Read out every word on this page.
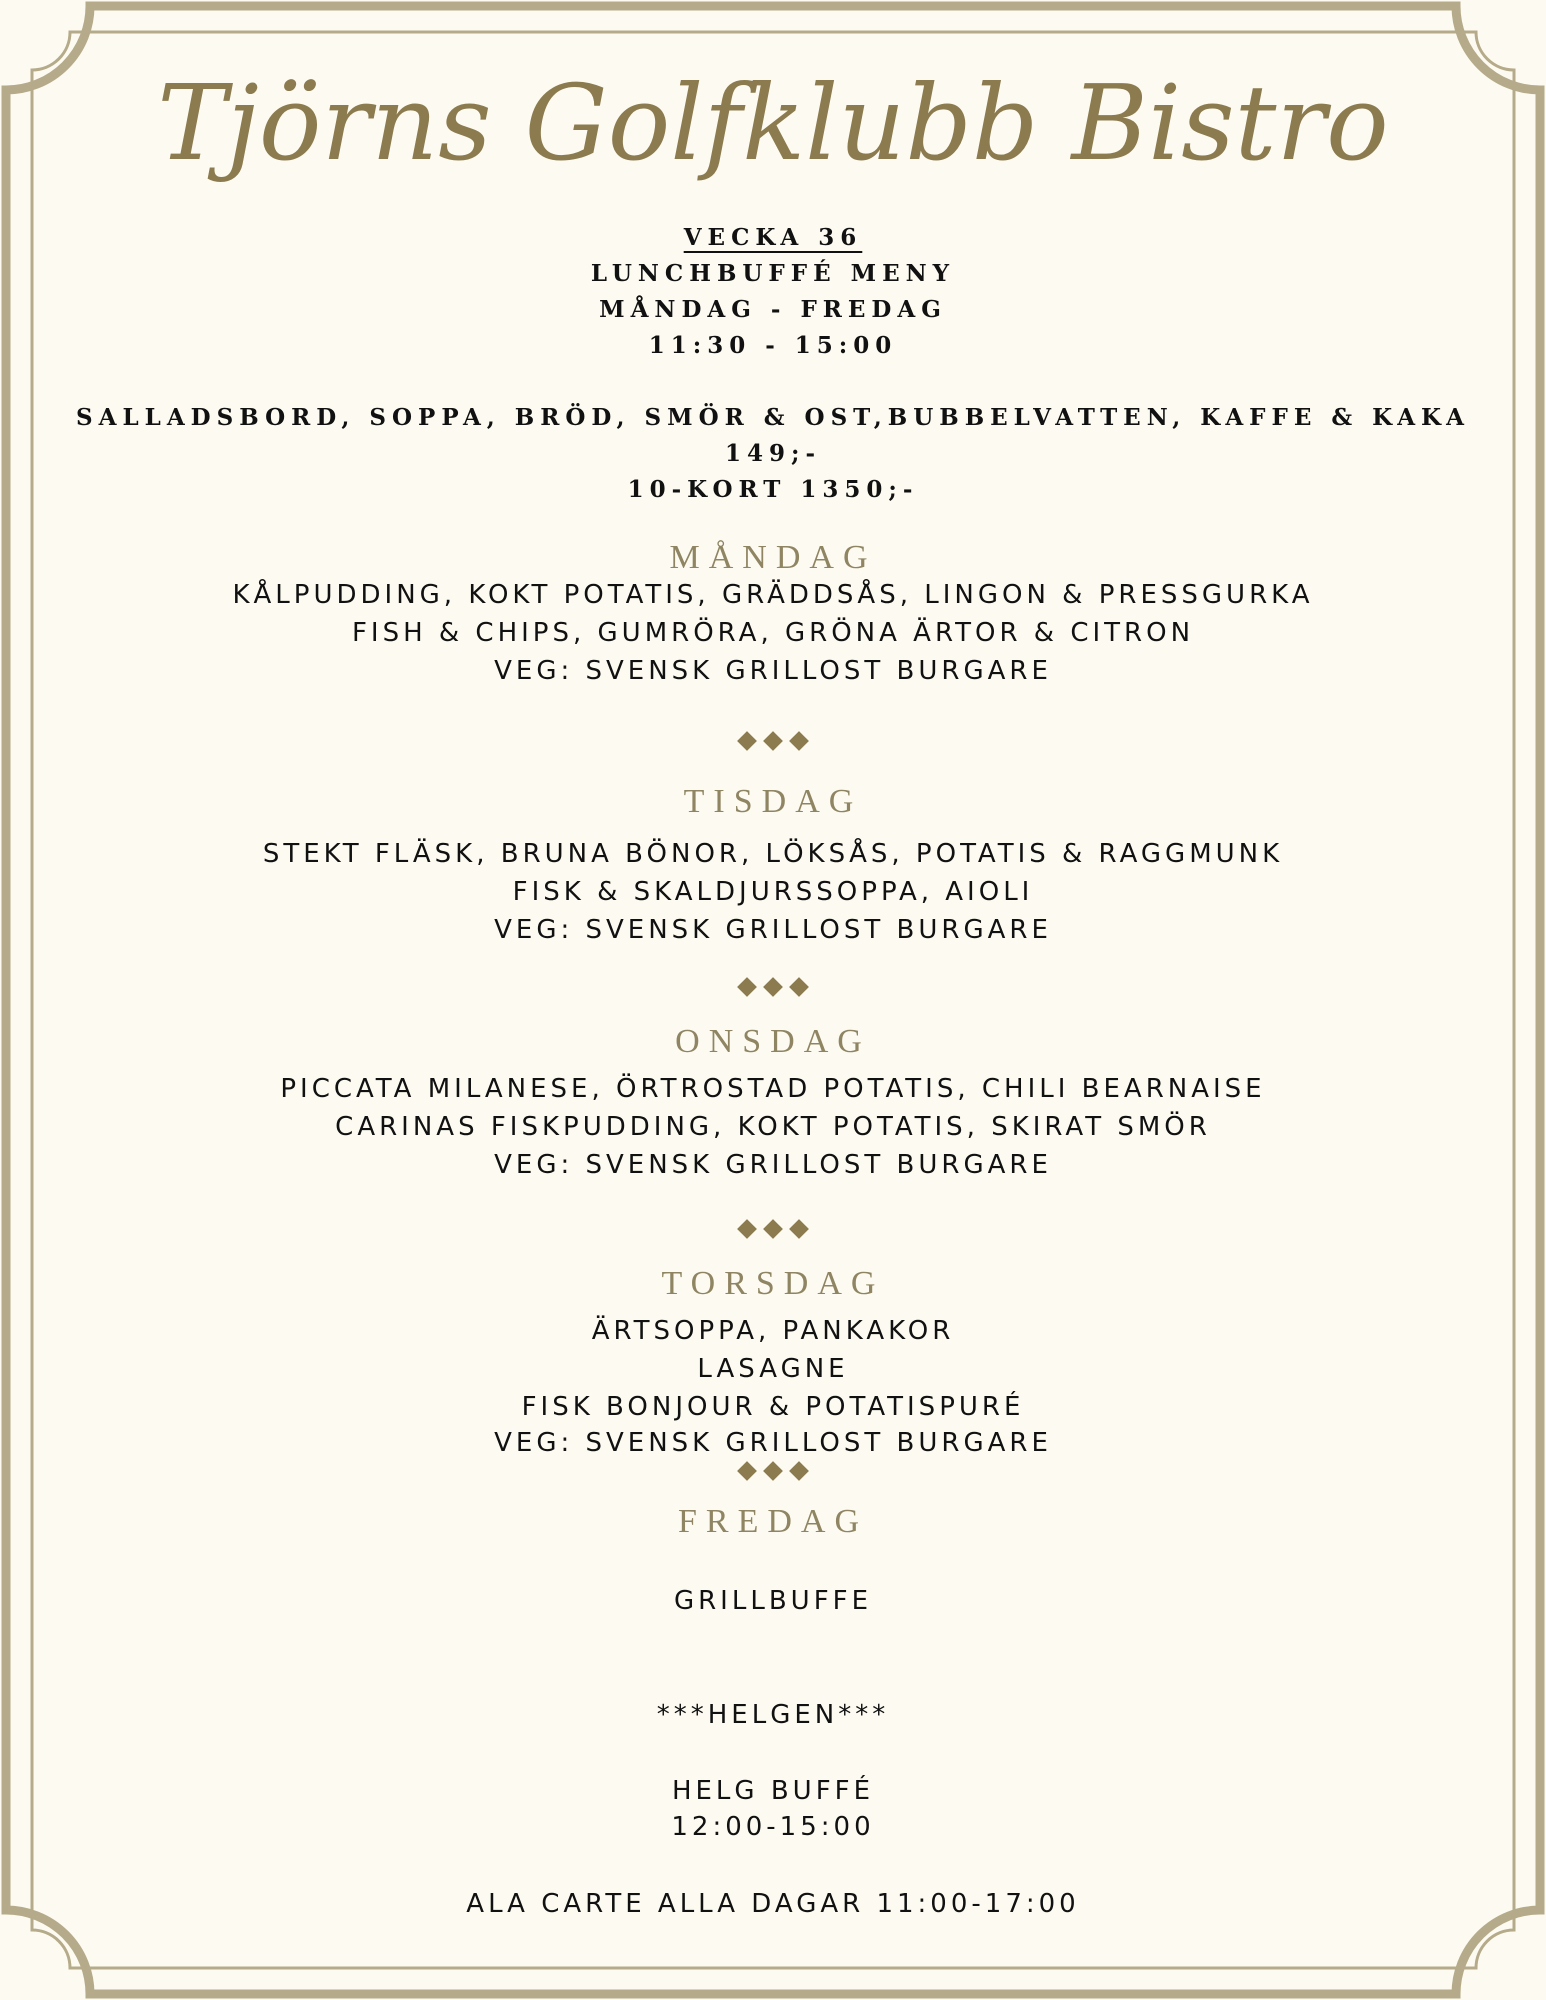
Tjörns Golfklubb Bistro

VECKA 36

LUNCHBUFFÉ MENY

MÅNDAG - FREDAG

11:30 - 15:00

SALLADSBORD, SOPPA, BRÖD, SMÖR & OST,BUBBELVATTEN, KAFFE & KAKA

149;-

10-KORT 1350;-

MÅNDAG

KÅLPUDDING, KOKT POTATIS, GRÄDDSÅS, LINGON & PRESSGURKA

FISH & CHIPS, GUMRÖRA, GRÖNA ÄRTOR & CITRON

VEG: SVENSK GRILLOST BURGARE

TISDAG

STEKT FLÄSK, BRUNA BÖNOR, LÖKSÅS, POTATIS & RAGGMUNK

FISK & SKALDJURSSOPPA, AIOLI

VEG: SVENSK GRILLOST BURGARE

ONSDAG

PICCATA MILANESE, ÖRTROSTAD POTATIS, CHILI BEARNAISE

CARINAS FISKPUDDING, KOKT POTATIS, SKIRAT SMÖR

VEG: SVENSK GRILLOST BURGARE

TORSDAG

ÄRTSOPPA, PANKAKOR

LASAGNE

FISK BONJOUR & POTATISPURÉ

VEG: SVENSK GRILLOST BURGARE

FREDAG

GRILLBUFFE

***HELGEN***

HELG BUFFÉ

12:00-15:00

ALA CARTE ALLA DAGAR 11:00-17:00
